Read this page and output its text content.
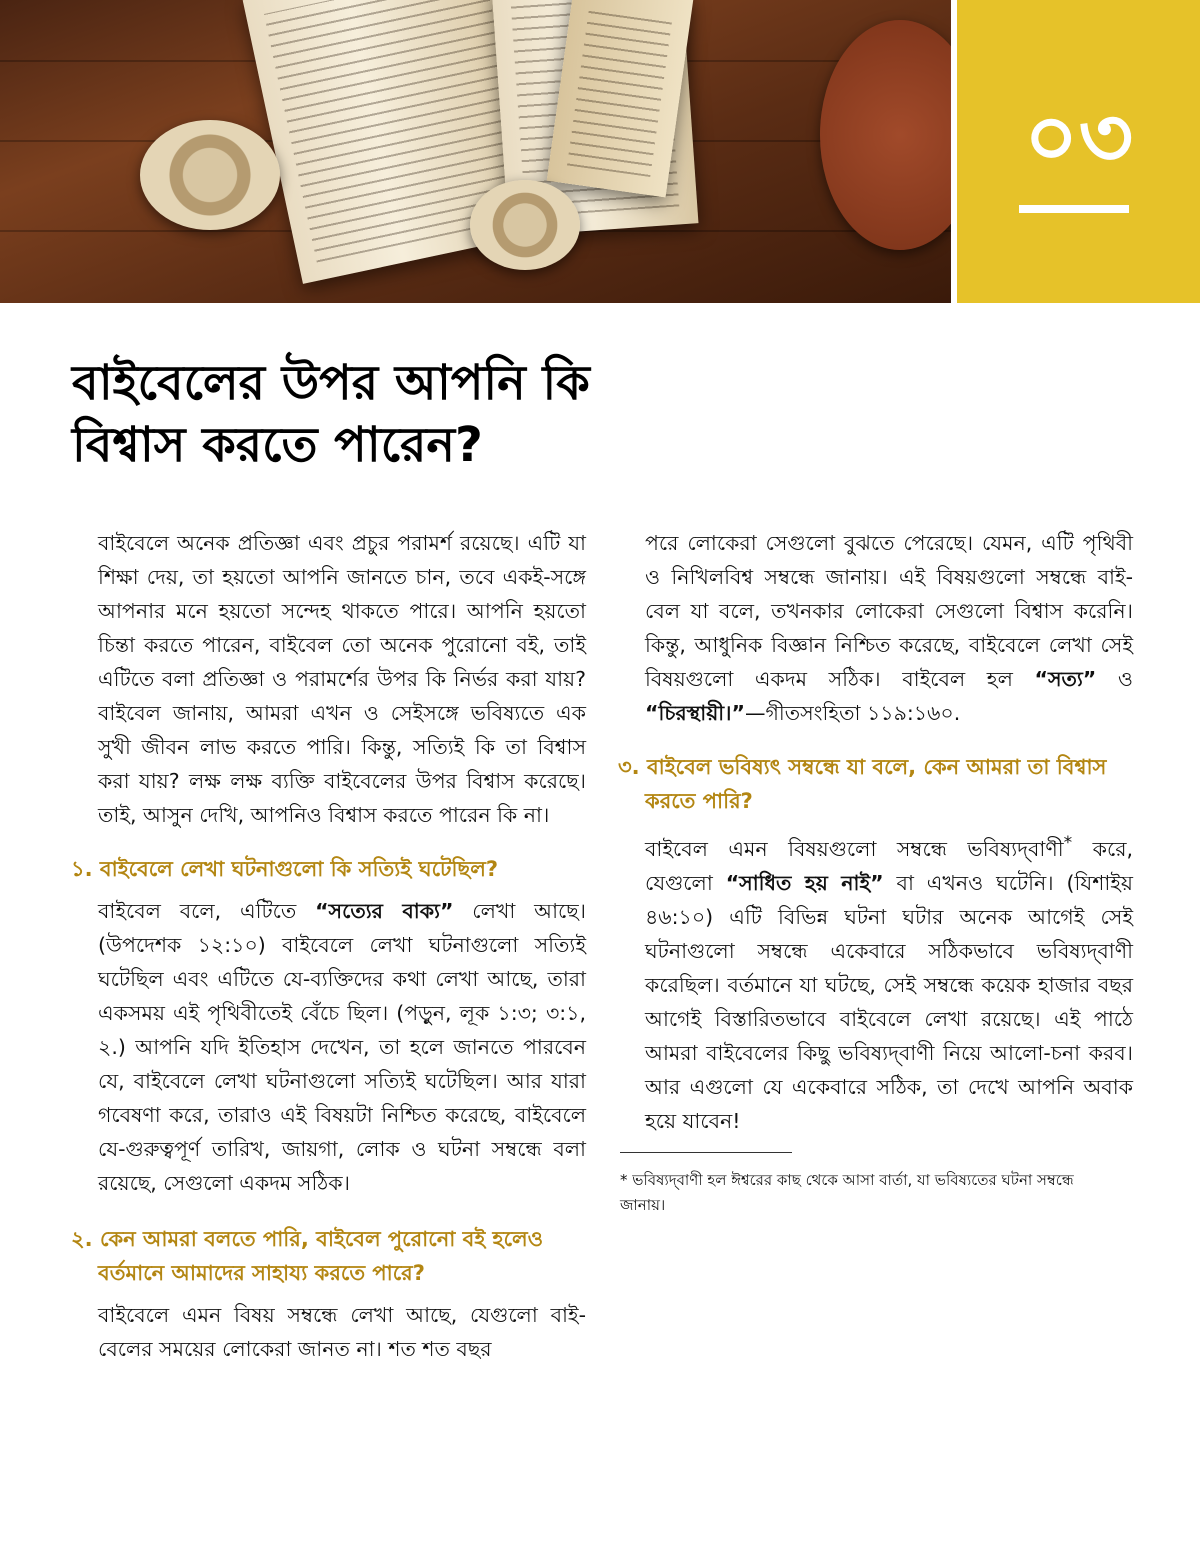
০৩
বাইবেলের উপর আপনি কি বিশ্বাস করতে পারেন?

বাইবেলে অনেক প্রতিজ্ঞা এবং প্রচুর পরামর্শ রয়েছে। এটি যা শিক্ষা দেয়, তা হয়তো আপনি জানতে চান, তবে একই-সঙ্গে আপনার মনে হয়তো সন্দেহ থাকতে পারে। আপনি হয়তো চিন্তা করতে পারেন, বাইবেল তো অনেক পুরোনো বই, তাই এটিতে বলা প্রতিজ্ঞা ও পরামর্শের উপর কি নির্ভর করা যায়? বাইবেল জানায়, আমরা এখন ও সেইসঙ্গে ভবিষ্যতে এক সুখী জীবন লাভ করতে পারি। কিন্তু, সত্যিই কি তা বিশ্বাস করা যায়? লক্ষ লক্ষ ব্যক্তি বাইবেলের উপর বিশ্বাস করেছে। তাই, আসুন দেখি, আপনিও বিশ্বাস করতে পারেন কি না।

১. বাইবেলে লেখা ঘটনাগুলো কি সত্যিই ঘটেছিল?

বাইবেল বলে, এটিতে “সত্যের বাক্য” লেখা আছে। (উপদেশক ১২:১০) বাইবেলে লেখা ঘটনাগুলো সত্যিই ঘটেছিল এবং এটিতে যে-ব্যক্তিদের কথা লেখা আছে, তারা একসময় এই পৃথিবীতেই বেঁচে ছিল। (পড়ুন, লূক ১:৩; ৩:১, ২.) আপনি যদি ইতিহাস দেখেন, তা হলে জানতে পারবেন যে, বাইবেলে লেখা ঘটনাগুলো সত্যিই ঘটেছিল। আর যারা গবেষণা করে, তারাও এই বিষয়টা নিশ্চিত করেছে, বাইবেলে যে-গুরুত্বপূর্ণ তারিখ, জায়গা, লোক ও ঘটনা সম্বন্ধে বলা রয়েছে, সেগুলো একদম সঠিক।

২. কেন আমরা বলতে পারি, বাইবেল পুরোনো বই হলেও বর্তমানে আমাদের সাহায্য করতে পারে?

বাইবেলে এমন বিষয় সম্বন্ধে লেখা আছে, যেগুলো বাই-বেলের সময়ের লোকেরা জানত না। শত শত বছর

পরে লোকেরা সেগুলো বুঝতে পেরেছে। যেমন, এটি পৃথিবী ও নিখিলবিশ্ব সম্বন্ধে জানায়। এই বিষয়গুলো সম্বন্ধে বাই-বেল যা বলে, তখনকার লোকেরা সেগুলো বিশ্বাস করেনি। কিন্তু, আধুনিক বিজ্ঞান নিশ্চিত করেছে, বাইবেলে লেখা সেই বিষয়গুলো একদম সঠিক। বাইবেল হল “সত্য” ও “চিরস্থায়ী।”—গীতসংহিতা ১১৯:১৬০.

৩. বাইবেল ভবিষ্যৎ সম্বন্ধে যা বলে, কেন আমরা তা বিশ্বাস করতে পারি?

বাইবেল এমন বিষয়গুলো সম্বন্ধে ভবিষ্যদ্‌বাণী* করে, যেগুলো “সাধিত হয় নাই” বা এখনও ঘটেনি। (যিশাইয় ৪৬:১০) এটি বিভিন্ন ঘটনা ঘটার অনেক আগেই সেই ঘটনাগুলো সম্বন্ধে একেবারে সঠিকভাবে ভবিষ্যদ্‌বাণী করেছিল। বর্তমানে যা ঘটছে, সেই সম্বন্ধে কয়েক হাজার বছর আগেই বিস্তারিতভাবে বাইবেলে লেখা রয়েছে। এই পাঠে আমরা বাইবেলের কিছু ভবিষ্যদ্‌বাণী নিয়ে আলো-চনা করব। আর এগুলো যে একেবারে সঠিক, তা দেখে আপনি অবাক হয়ে যাবেন!

* ভবিষ্যদ্‌বাণী হল ঈশ্বরের কাছ থেকে আসা বার্তা, যা ভবিষ্যতের ঘটনা সম্বন্ধে জানায়।
